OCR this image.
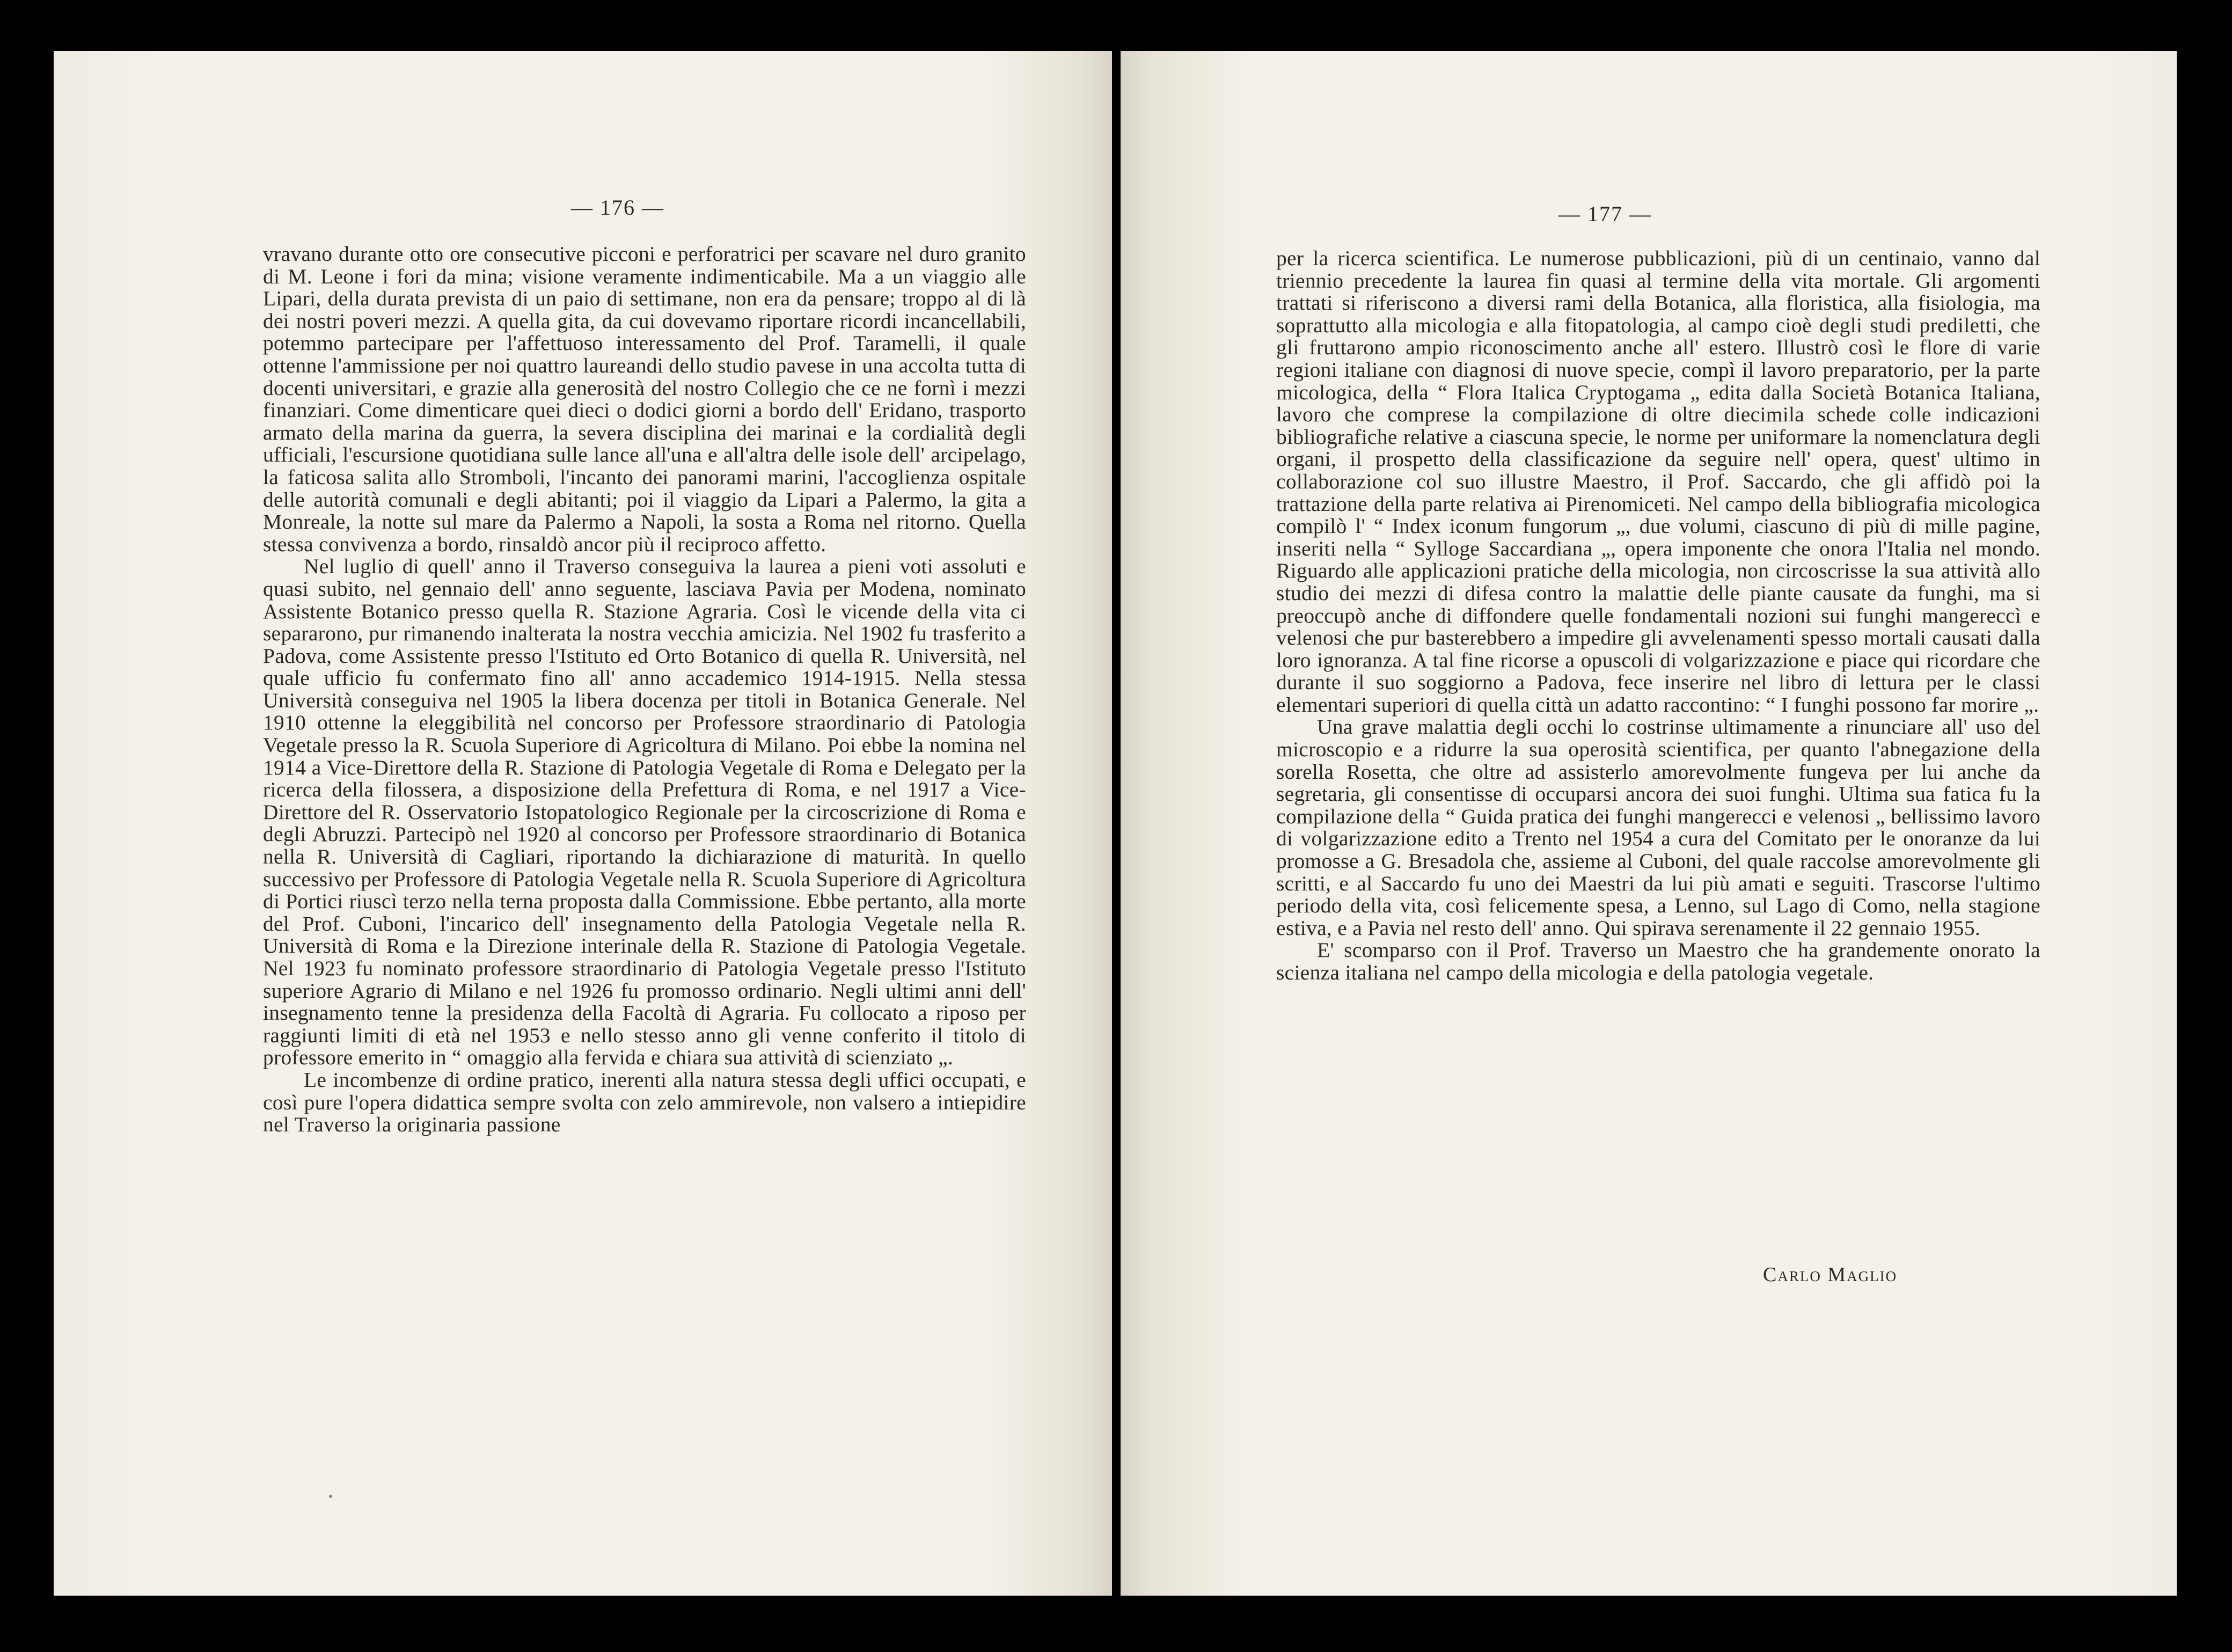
— 176 —

vravano durante otto ore consecutive picconi e perforatrici per scavare nel duro granito di M. Leone i fori da mina; visione veramente indimenticabile. Ma a un viaggio alle Lipari, della durata prevista di un paio di settimane, non era da pensare; troppo al di là dei nostri poveri mezzi. A quella gita, da cui dovevamo riportare ricordi incancellabili, potemmo partecipare per l'affettuoso interessamento del Prof. Taramelli, il quale ottenne l'ammissione per noi quattro laureandi dello studio pavese in una accolta tutta di docenti universitari, e grazie alla generosità del nostro Collegio che ce ne fornì i mezzi finanziari. Come dimenticare quei dieci o dodici giorni a bordo dell' Eridano, trasporto armato della marina da guerra, la severa disciplina dei marinai e la cordialità degli ufficiali, l'escursione quotidiana sulle lance all'una e all'altra delle isole dell' arcipelago, la faticosa salita allo Stromboli, l'incanto dei panorami marini, l'accoglienza ospitale delle autorità comunali e degli abitanti; poi il viaggio da Lipari a Palermo, la gita a Monreale, la notte sul mare da Palermo a Napoli, la sosta a Roma nel ritorno. Quella stessa convivenza a bordo, rinsaldò ancor più il reciproco affetto.

Nel luglio di quell' anno il Traverso conseguiva la laurea a pieni voti assoluti e quasi subito, nel gennaio dell' anno seguente, lasciava Pavia per Modena, nominato Assistente Botanico presso quella R. Stazione Agraria. Così le vicende della vita ci separarono, pur rimanendo inalterata la nostra vecchia amicizia. Nel 1902 fu trasferito a Padova, come Assistente presso l'Istituto ed Orto Botanico di quella R. Università, nel quale ufficio fu confermato fino all' anno accademico 1914-1915. Nella stessa Università conseguiva nel 1905 la libera docenza per titoli in Botanica Generale. Nel 1910 ottenne la eleggibilità nel concorso per Professore straordinario di Patologia Vegetale presso la R. Scuola Superiore di Agricoltura di Milano. Poi ebbe la nomina nel 1914 a Vice-Direttore della R. Stazione di Patologia Vegetale di Roma e Delegato per la ricerca della filossera, a disposizione della Prefettura di Roma, e nel 1917 a Vice-Direttore del R. Osservatorio Istopatologico Regionale per la circoscrizione di Roma e degli Abruzzi. Partecipò nel 1920 al concorso per Professore straordinario di Botanica nella R. Università di Cagliari, riportando la dichiarazione di maturità. In quello successivo per Professore di Patologia Vegetale nella R. Scuola Superiore di Agricoltura di Portici riuscì terzo nella terna proposta dalla Commissione. Ebbe pertanto, alla morte del Prof. Cuboni, l'incarico dell' insegnamento della Patologia Vegetale nella R. Università di Roma e la Direzione interinale della R. Stazione di Patologia Vegetale. Nel 1923 fu nominato professore straordinario di Patologia Vegetale presso l'Istituto superiore Agrario di Milano e nel 1926 fu promosso ordinario. Negli ultimi anni dell' insegnamento tenne la presidenza della Facoltà di Agraria. Fu collocato a riposo per raggiunti limiti di età nel 1953 e nello stesso anno gli venne conferito il titolo di professore emerito in “ omaggio alla fervida e chiara sua attività di scienziato „.

Le incombenze di ordine pratico, inerenti alla natura stessa degli uffici occupati, e così pure l'opera didattica sempre svolta con zelo ammirevole, non valsero a intiepidire nel Traverso la originaria passione

— 177 —

per la ricerca scientifica. Le numerose pubblicazioni, più di un centinaio, vanno dal triennio precedente la laurea fin quasi al termine della vita mortale. Gli argomenti trattati si riferiscono a diversi rami della Botanica, alla floristica, alla fisiologia, ma soprattutto alla micologia e alla fitopatologia, al campo cioè degli studi prediletti, che gli fruttarono ampio riconoscimento anche all' estero. Illustrò così le flore di varie regioni italiane con diagnosi di nuove specie, compì il lavoro preparatorio, per la parte micologica, della “ Flora Italica Cryptogama „ edita dalla Società Botanica Italiana, lavoro che comprese la compilazione di oltre diecimila schede colle indicazioni bibliografiche relative a ciascuna specie, le norme per uniformare la nomenclatura degli organi, il prospetto della classificazione da seguire nell' opera, quest' ultimo in collaborazione col suo illustre Maestro, il Prof. Saccardo, che gli affidò poi la trattazione della parte relativa ai Pirenomiceti. Nel campo della bibliografia micologica compilò l' “ Index iconum fungorum „, due volumi, ciascuno di più di mille pagine, inseriti nella “ Sylloge Saccardiana „, opera imponente che onora l'Italia nel mondo. Riguardo alle applicazioni pratiche della micologia, non circoscrisse la sua attività allo studio dei mezzi di difesa contro la malattie delle piante causate da funghi, ma si preoccupò anche di diffondere quelle fondamentali nozioni sui funghi mangereccì e velenosi che pur basterebbero a impedire gli avvelenamenti spesso mortali causati dalla loro ignoranza. A tal fine ricorse a opuscoli di volgarizzazione e piace qui ricordare che durante il suo soggiorno a Padova, fece inserire nel libro di lettura per le classi elementari superiori di quella città un adatto raccontino: “ I funghi possono far morire „.

Una grave malattia degli occhi lo costrinse ultimamente a rinunciare all' uso del microscopio e a ridurre la sua operosità scientifica, per quanto l'abnegazione della sorella Rosetta, che oltre ad assisterlo amorevolmente fungeva per lui anche da segretaria, gli consentisse di occuparsi ancora dei suoi funghi. Ultima sua fatica fu la compilazione della “ Guida pratica dei funghi mangerecci e velenosi „ bellissimo lavoro di volgarizzazione edito a Trento nel 1954 a cura del Comitato per le onoranze da lui promosse a G. Bresadola che, assieme al Cuboni, del quale raccolse amorevolmente gli scritti, e al Saccardo fu uno dei Maestri da lui più amati e seguiti. Trascorse l'ultimo periodo della vita, così felicemente spesa, a Lenno, sul Lago di Como, nella stagione estiva, e a Pavia nel resto dell' anno. Qui spirava serenamente il 22 gennaio 1955.

E' scomparso con il Prof. Traverso un Maestro che ha grandemente onorato la scienza italiana nel campo della micologia e della patologia vegetale.

Carlo Maglio
